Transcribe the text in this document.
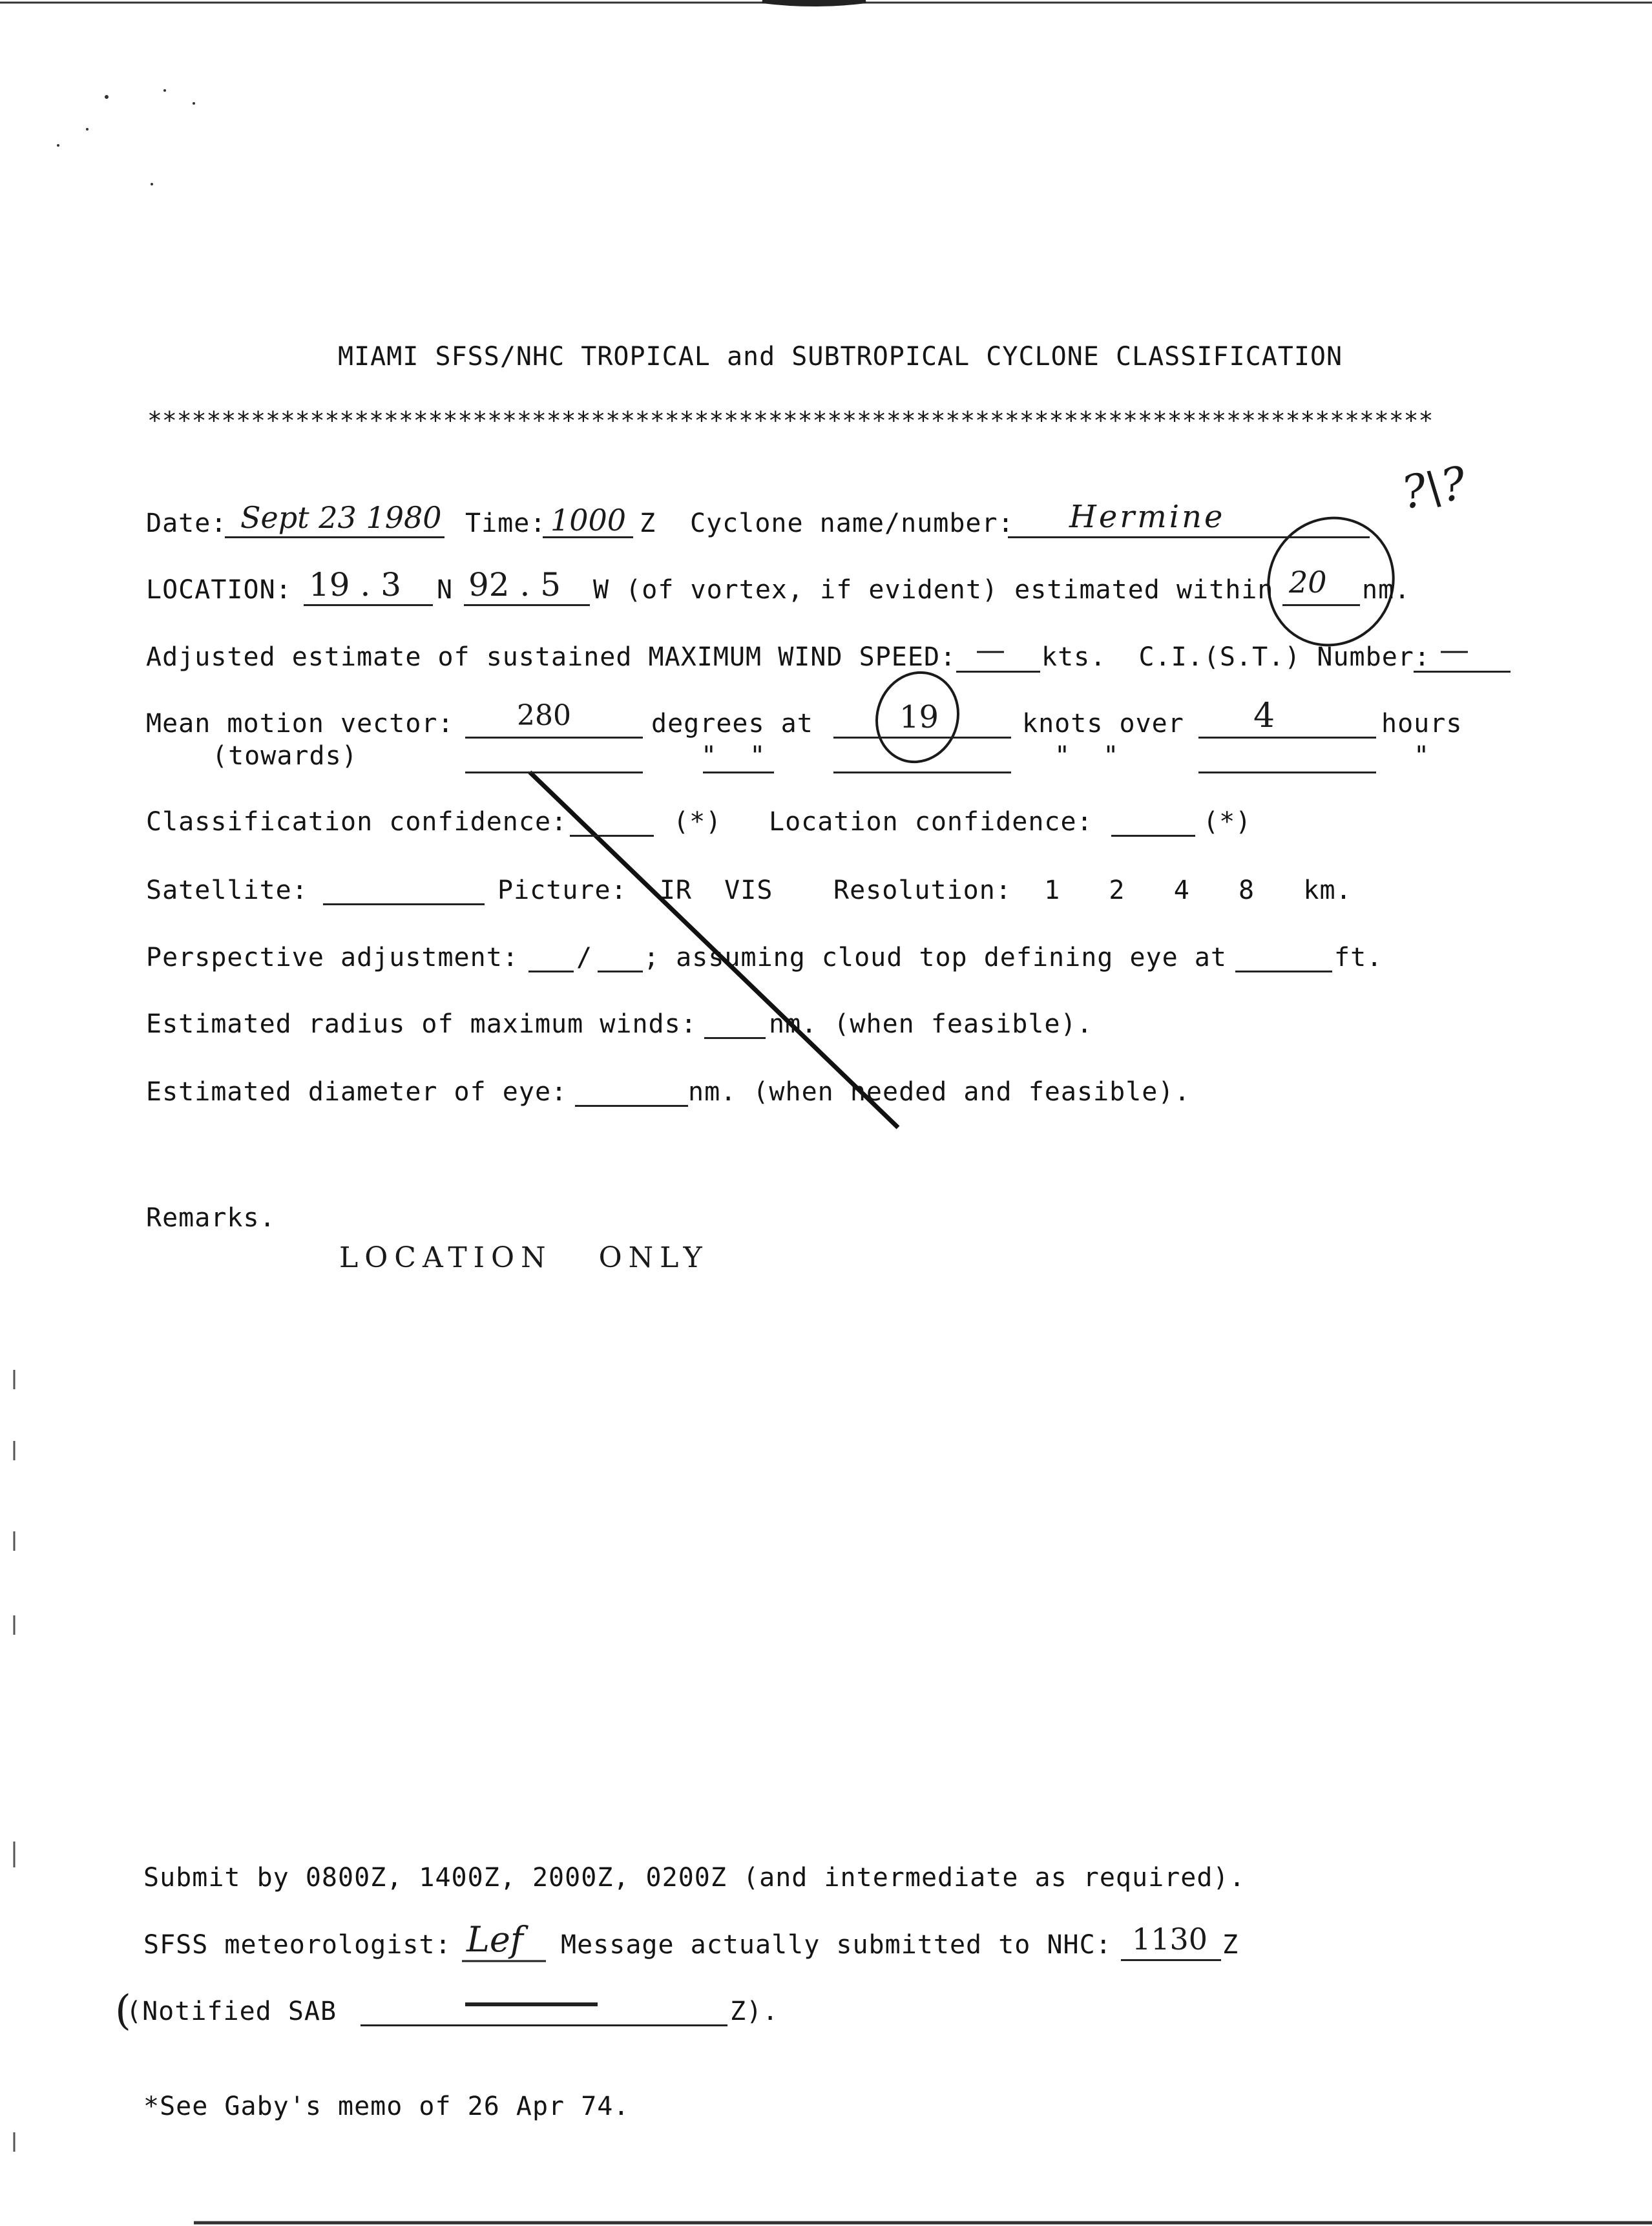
MIAMI SFSS/NHC TROPICAL and SUBTROPICAL CYCLONE CLASSIFICATION
***************************************************************************************
?\?
Date: Sept 23 1980 Time: 1000 Z Cyclone name/number: Hermine
LOCATION: 19 . 3 N 92 . 5 W (of vortex, if evident) estimated within 20 nm.
Adjusted estimate of sustained MAXIMUM WIND SPEED: — kts.  C.I.(S.T.) Number: —
Mean motion vector: 280	degrees at	19	knots over 4	hours
(towards)	"  "	"  "	"
Classification confidence:	(*) Location confidence:	(*)
Satellite:	Picture:  IR  VIS Resolution:  1   2   4   8   km.
Perspective adjustment: / ; assuming cloud top defining eye at	ft.
Estimated radius of maximum winds:	nm. (when feasible).
Estimated diameter of eye:	nm. (when needed and feasible).
Remarks.
LOCATION   ONLY
Submit by 0800Z, 1400Z, 2000Z, 0200Z (and intermediate as required).
SFSS meteorologist: Lef Message actually submitted to NHC: 1130 Z
(
(Notified SAB	Z).
*See Gaby's memo of 26 Apr 74.
